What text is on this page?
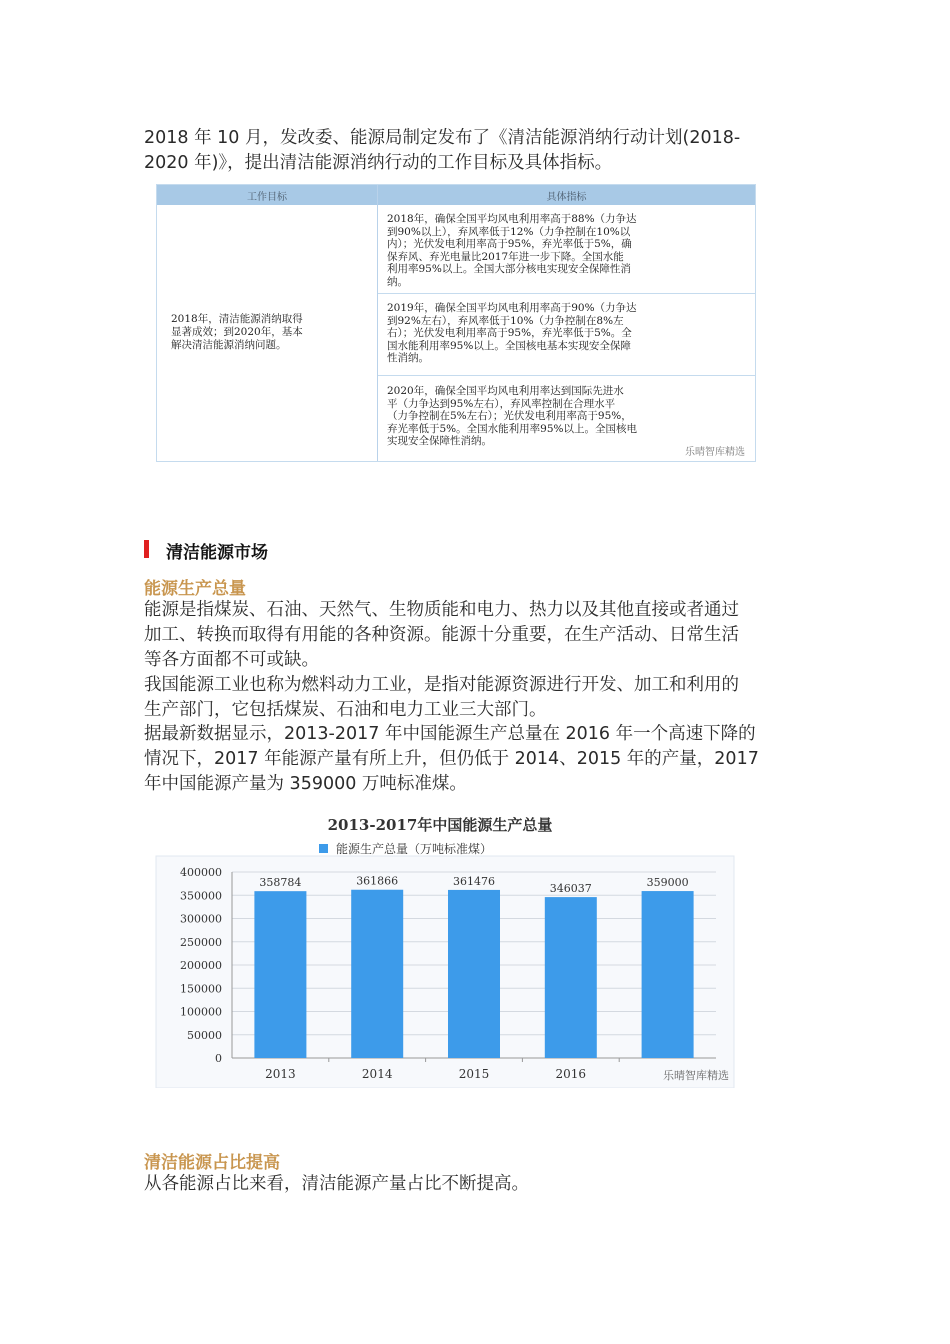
2018 年 10 月，发改委、能源局制定发布了《清洁能源消纳行动计划(2018-
2020 年)》，提出清洁能源消纳行动的工作目标及具体指标。
工作目标	具体指标
2018年，清洁能源消纳取得
显著成效；到2020年，基本
解决清洁能源消纳问题。
2018年，确保全国平均风电利用率高于88%（力争达
到90%以上），弃风率低于12%（力争控制在10%以
内）；光伏发电利用率高于95%，弃光率低于5%，确
保弃风、弃光电量比2017年进一步下降。全国水能
利用率95%以上。全国大部分核电实现安全保障性消
纳。
2019年，确保全国平均风电利用率高于90%（力争达
到92%左右），弃风率低于10%（力争控制在8%左
右）；光伏发电利用率高于95%，弃光率低于5%。全
国水能利用率95%以上。全国核电基本实现安全保障
性消纳。
2020年，确保全国平均风电利用率达到国际先进水
平（力争达到95%左右），弃风率控制在合理水平
（力争控制在5%左右）；光伏发电利用率高于95%，
弃光率低于5%。全国水能利用率95%以上。全国核电
实现安全保障性消纳。
乐晴智库精选
清洁能源市场
能源生产总量
能源是指煤炭、石油、天然气、生物质能和电力、热力以及其他直接或者通过
加工、转换而取得有用能的各种资源。能源十分重要，在生产活动、日常生活
等各方面都不可或缺。
我国能源工业也称为燃料动力工业，是指对能源资源进行开发、加工和利用的
生产部门，它包括煤炭、石油和电力工业三大部门。
据最新数据显示，2013-2017 年中国能源生产总量在 2016 年一个高速下降的
情况下，2017 年能源产量有所上升，但仍低于 2014、2015 年的产量，2017
年中国能源产量为 359000 万吨标准煤。
2013-2017年中国能源生产总量
能源生产总量（万吨标准煤）
0
50000
100000
150000
200000
250000
300000
350000
400000
358784
2013
361866
2014
361476
2015
346037
2016
359000
乐晴智库精选
清洁能源占比提高
从各能源占比来看，清洁能源产量占比不断提高。
